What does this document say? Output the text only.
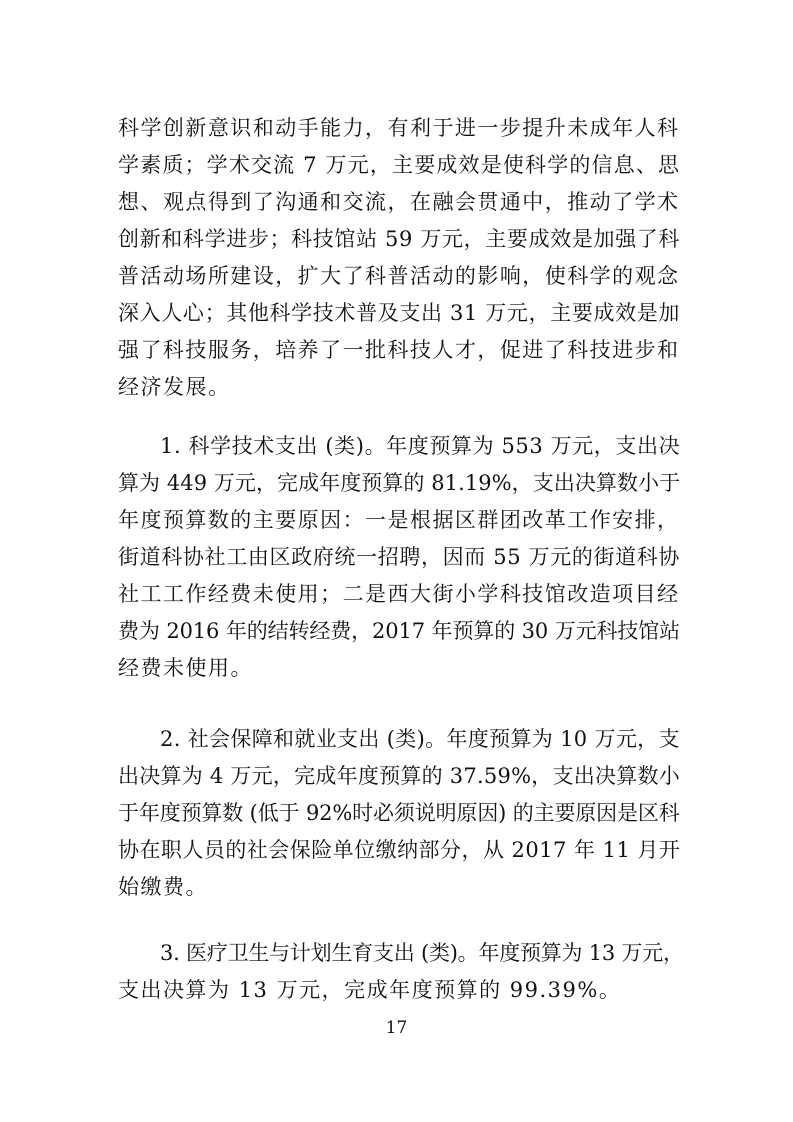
科学创新意识和动手能力，有利于进一步提升未成年人科
学素质；学术交流 7 万元，主要成效是使科学的信息、思
想、观点得到了沟通和交流，在融会贯通中，推动了学术
创新和科学进步；科技馆站 59 万元，主要成效是加强了科
普活动场所建设，扩大了科普活动的影响，使科学的观念
深入人心；其他科学技术普及支出 31 万元，主要成效是加
强了科技服务，培养了一批科技人才，促进了科技进步和
经济发展。
1. 科学技术支出 (类)。年度预算为 553 万元，支出决
算为 449 万元，完成年度预算的 81.19%，支出决算数小于
年度预算数的主要原因：一是根据区群团改革工作安排，
街道科协社工由区政府统一招聘，因而 55 万元的街道科协
社工工作经费未使用；二是西大街小学科技馆改造项目经
费为 2016 年的结转经费，2017 年预算的 30 万元科技馆站
经费未使用。
2. 社会保障和就业支出 (类)。年度预算为 10 万元，支
出决算为 4 万元，完成年度预算的 37.59%，支出决算数小
于年度预算数 (低于 92%时必须说明原因) 的主要原因是区科
协在职人员的社会保险单位缴纳部分，从 2017 年 11 月开
始缴费。
3. 医疗卫生与计划生育支出 (类)。年度预算为 13 万元，
支出决算为 13 万元，完成年度预算的 99.39%。
17
